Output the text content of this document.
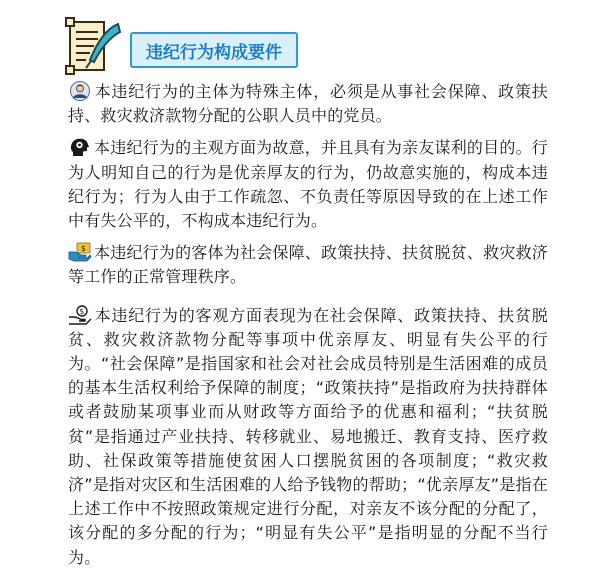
违纪行为构成要件

本违纪行为的主体为特殊主体，必须是从事社会保障、政策扶持、救灾救济款物分配的公职人员中的党员。

本违纪行为的主观方面为故意，并且具有为亲友谋利的目的。行为人明知自己的行为是优亲厚友的行为，仍故意实施的，构成本违纪行为；行为人由于工作疏忽、不负责任等原因导致的在上述工作中有失公平的，不构成本违纪行为。

$ 本违纪行为的客体为社会保障、政策扶持、扶贫脱贫、救灾救济等工作的正常管理秩序。

$ 本违纪行为的客观方面表现为在社会保障、政策扶持、扶贫脱贫、救灾救济款物分配等事项中优亲厚友、明显有失公平的行为。“社会保障”是指国家和社会对社会成员特别是生活困难的成员的基本生活权利给予保障的制度；“政策扶持”是指政府为扶持群体或者鼓励某项事业而从财政等方面给予的优惠和福利；“扶贫脱贫”是指通过产业扶持、转移就业、易地搬迁、教育支持、医疗救助、社保政策等措施使贫困人口摆脱贫困的各项制度；“救灾救济”是指对灾区和生活困难的人给予钱物的帮助；“优亲厚友”是指在上述工作中不按照政策规定进行分配，对亲友不该分配的分配了，该分配的多分配的行为；“明显有失公平”是指明显的分配不当行为。
